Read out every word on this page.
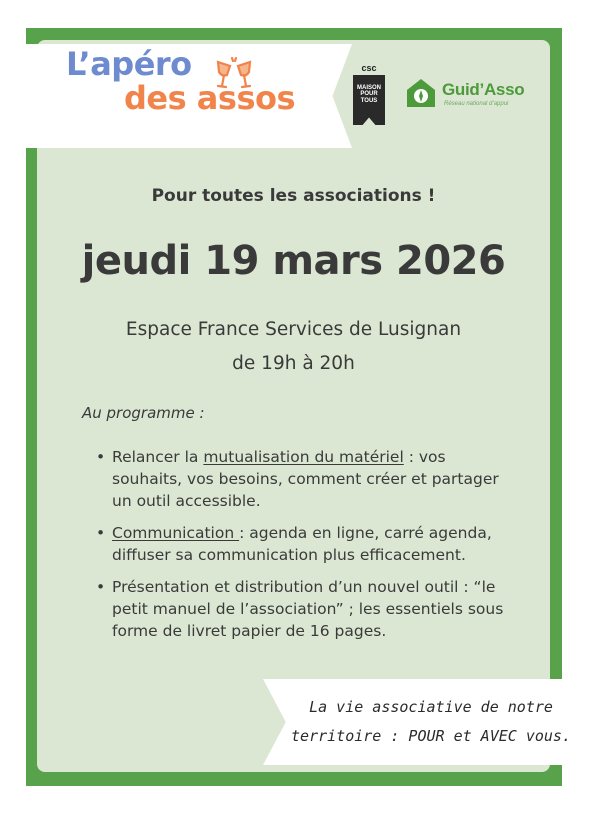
L’apéro
des assos
csc
MAISON
POUR
TOUS
Guid’Asso
Réseau national d’appui
Pour toutes les associations !
jeudi 19 mars 2026
Espace France Services de Lusignan
de 19h à 20h
Au programme :
• Relancer la mutualisation du matériel : vos souhaits, vos besoins, comment créer et partager un outil accessible.
• Communication : agenda en ligne, carré agenda, diffuser sa communication plus efficacement.
• Présentation et distribution d’un nouvel outil : “le petit manuel de l’association” ; les essentiels sous forme de livret papier de 16 pages.
La vie associative de notre
territoire : POUR et AVEC vous.
